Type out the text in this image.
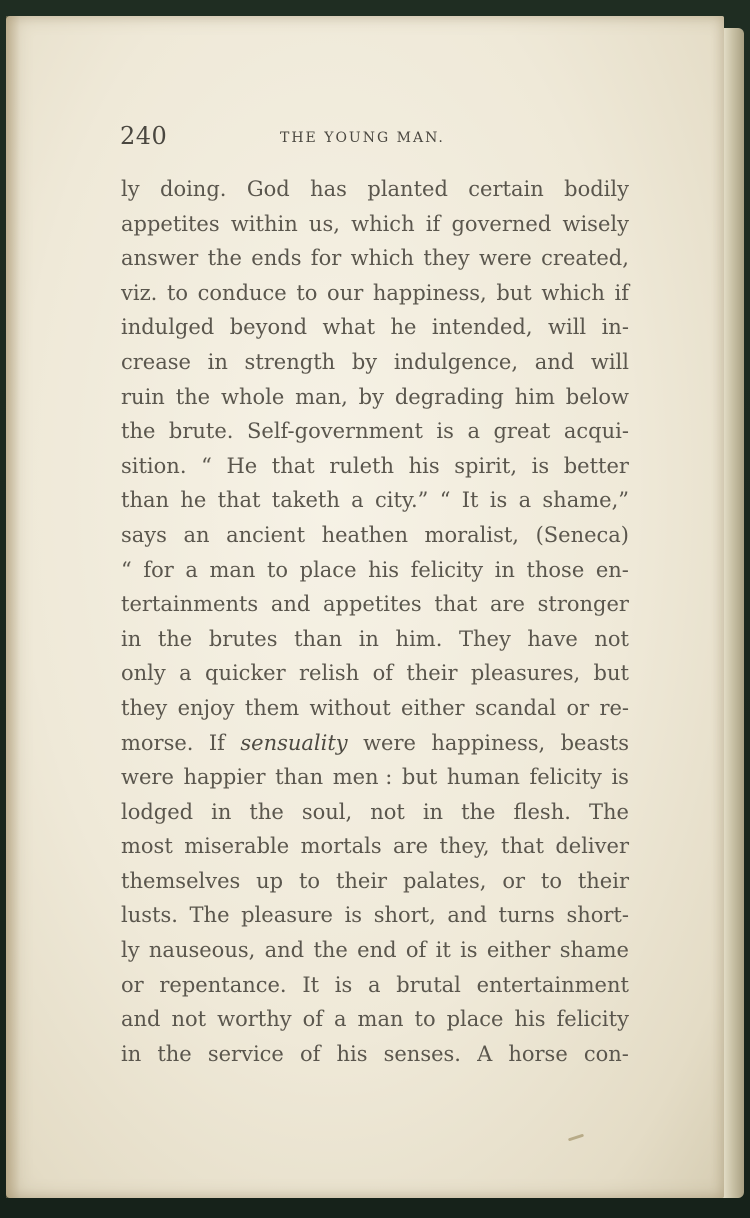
240	THE YOUNG MAN.
ly doing. God has planted certain bodily
appetites within us, which if governed wisely
answer the ends for which they were created,
viz. to conduce to our happiness, but which if
indulged beyond what he intended, will in-
crease in strength by indulgence, and will
ruin the whole man, by degrading him below
the brute. Self-government is a great acqui-
sition. “ He that ruleth his spirit, is better
than he that taketh a city.” “ It is a shame,”
says an ancient heathen moralist, (Seneca)
“ for a man to place his felicity in those en-
tertainments and appetites that are stronger
in the brutes than in him. They have not
only a quicker relish of their pleasures, but
they enjoy them without either scandal or re-
morse. If sensuality were happiness, beasts
were happier than men : but human felicity is
lodged in the soul, not in the flesh. The
most miserable mortals are they, that deliver
themselves up to their palates, or to their
lusts. The pleasure is short, and turns short-
ly nauseous, and the end of it is either shame
or repentance. It is a brutal entertainment
and not worthy of a man to place his felicity
in the service of his senses. A horse con-
